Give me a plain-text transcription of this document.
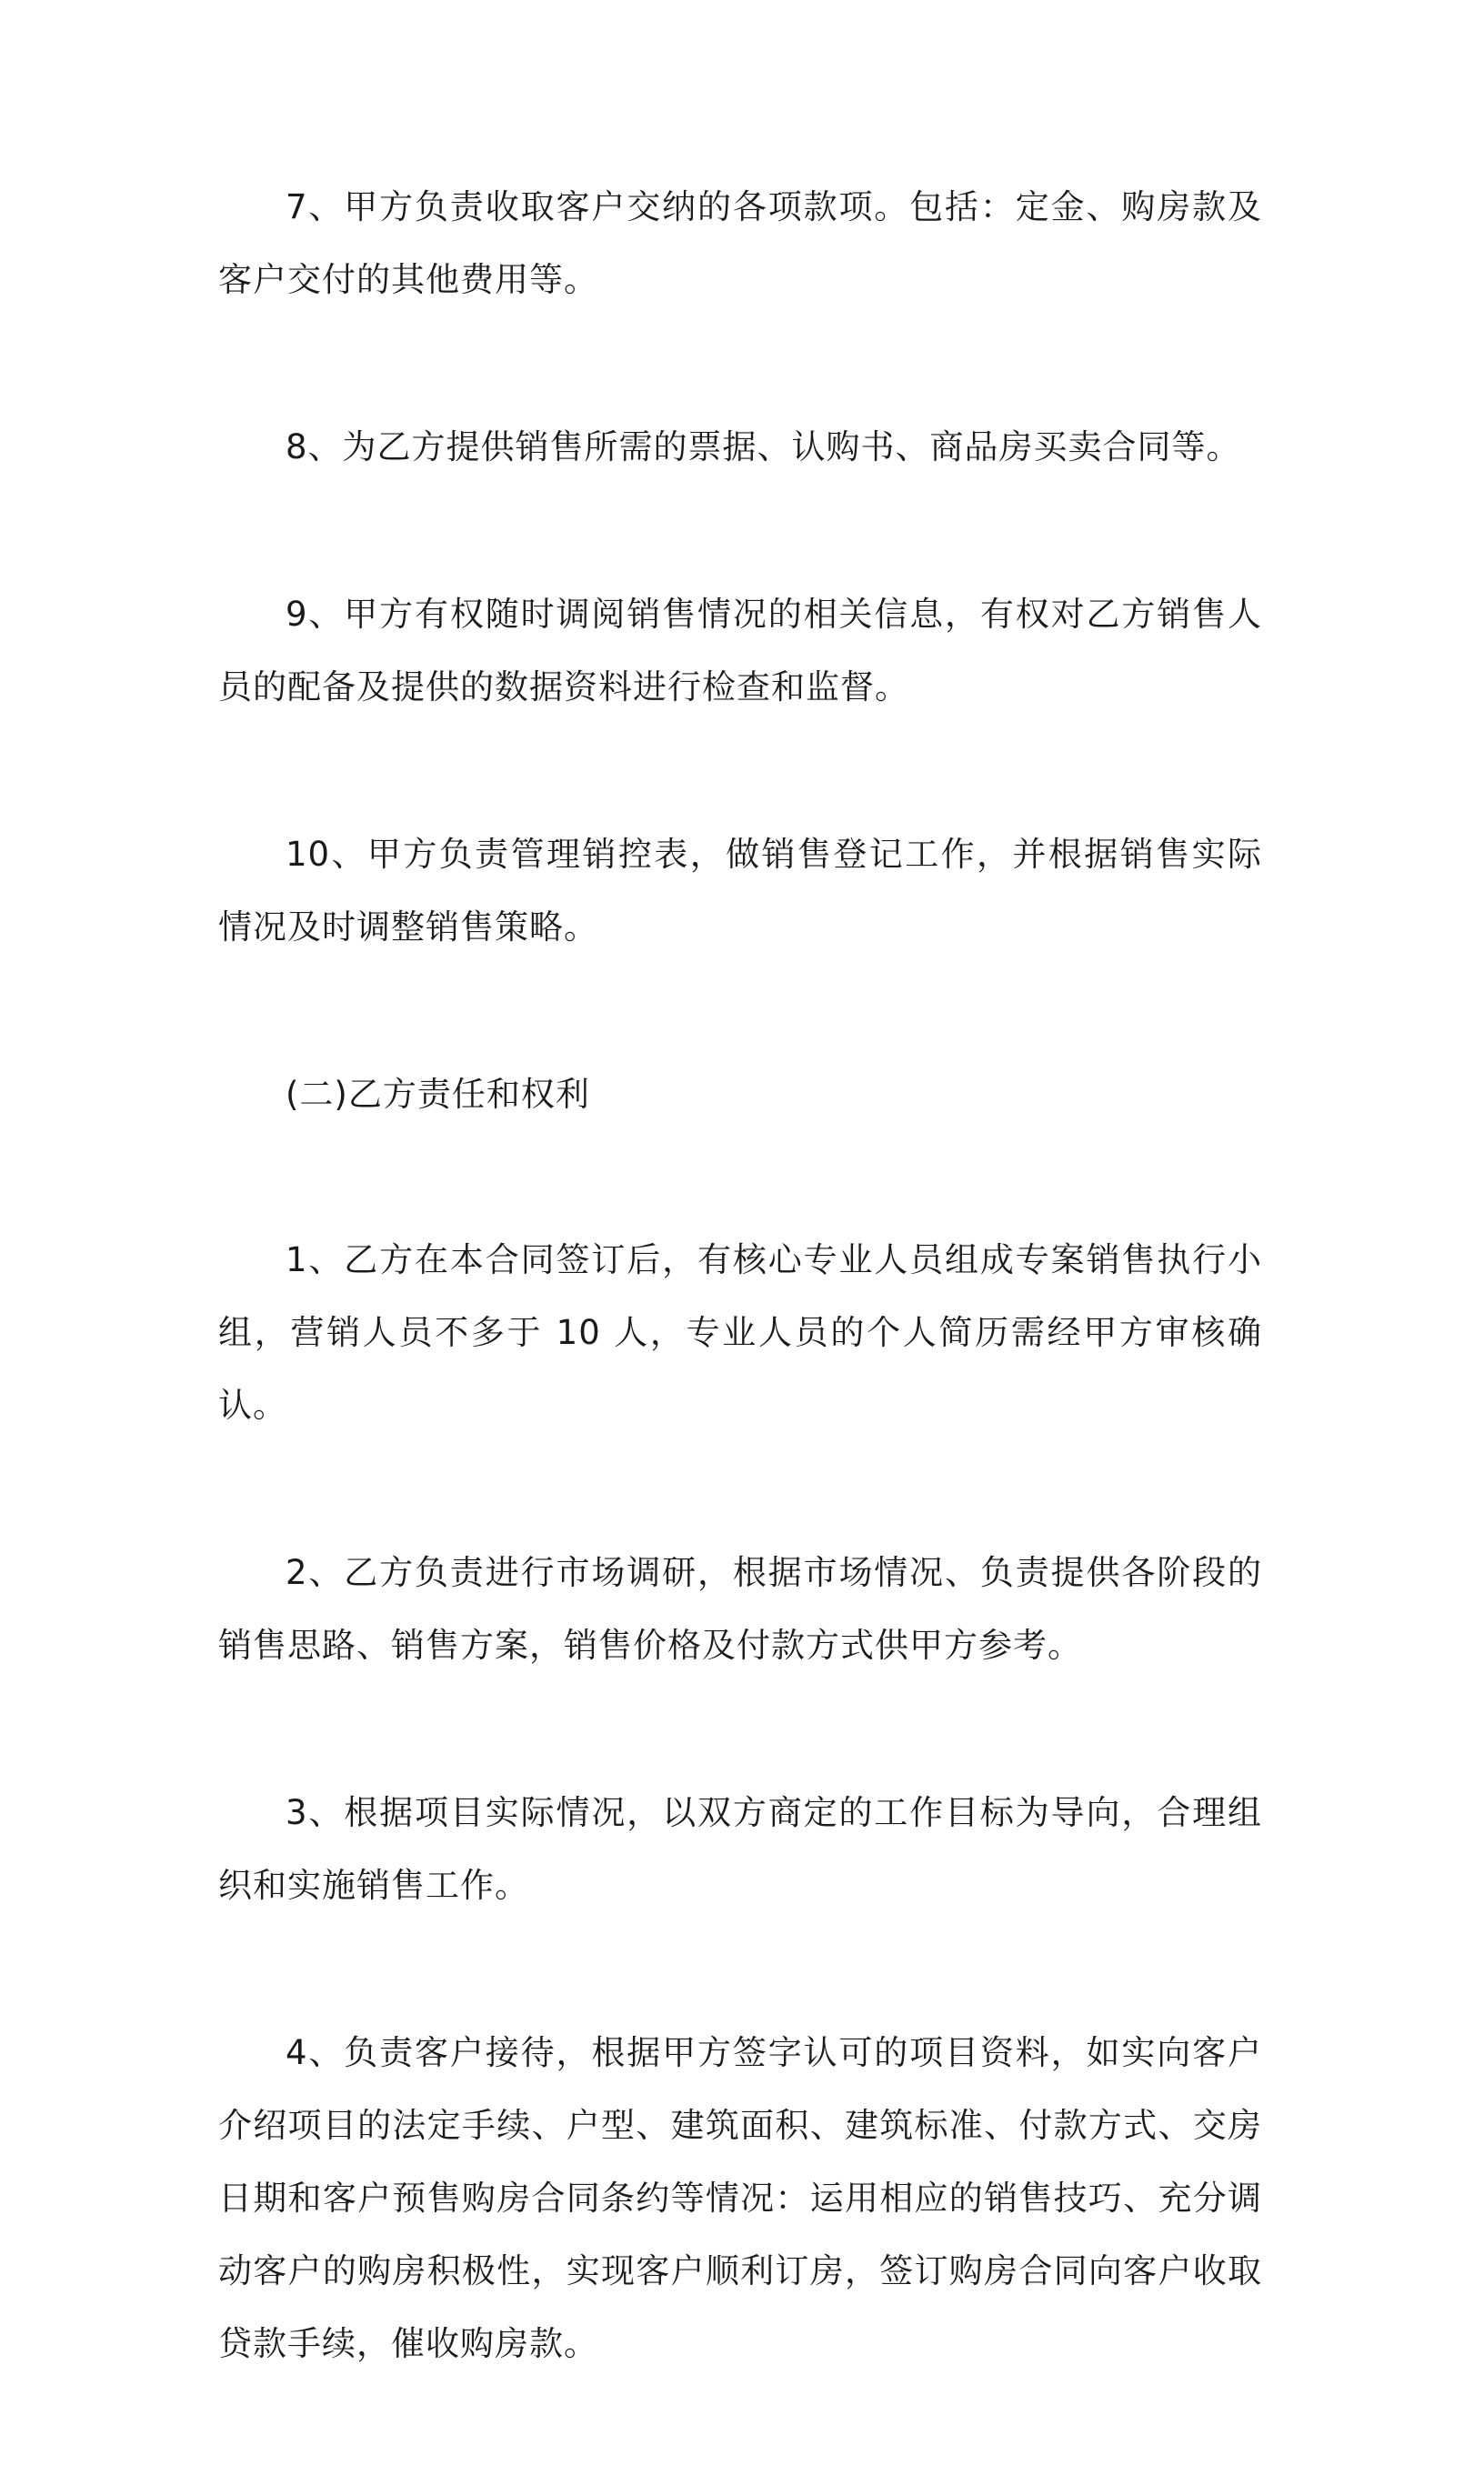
7、甲方负责收取客户交纳的各项款项。包括：定金、购房款及客户交付的其他费用等。

8、为乙方提供销售所需的票据、认购书、商品房买卖合同等。

9、甲方有权随时调阅销售情况的相关信息，有权对乙方销售人员的配备及提供的数据资料进行检查和监督。

10、甲方负责管理销控表，做销售登记工作，并根据销售实际情况及时调整销售策略。

(二)乙方责任和权利

1、乙方在本合同签订后，有核心专业人员组成专案销售执行小组，营销人员不多于 10 人，专业人员的个人简历需经甲方审核确认。

2、乙方负责进行市场调研，根据市场情况、负责提供各阶段的销售思路、销售方案，销售价格及付款方式供甲方参考。

3、根据项目实际情况，以双方商定的工作目标为导向，合理组织和实施销售工作。

4、负责客户接待，根据甲方签字认可的项目资料，如实向客户介绍项目的法定手续、户型、建筑面积、建筑标准、付款方式、交房日期和客户预售购房合同条约等情况：运用相应的销售技巧、充分调动客户的购房积极性，实现客户顺利订房，签订购房合同向客户收取贷款手续，催收购房款。
